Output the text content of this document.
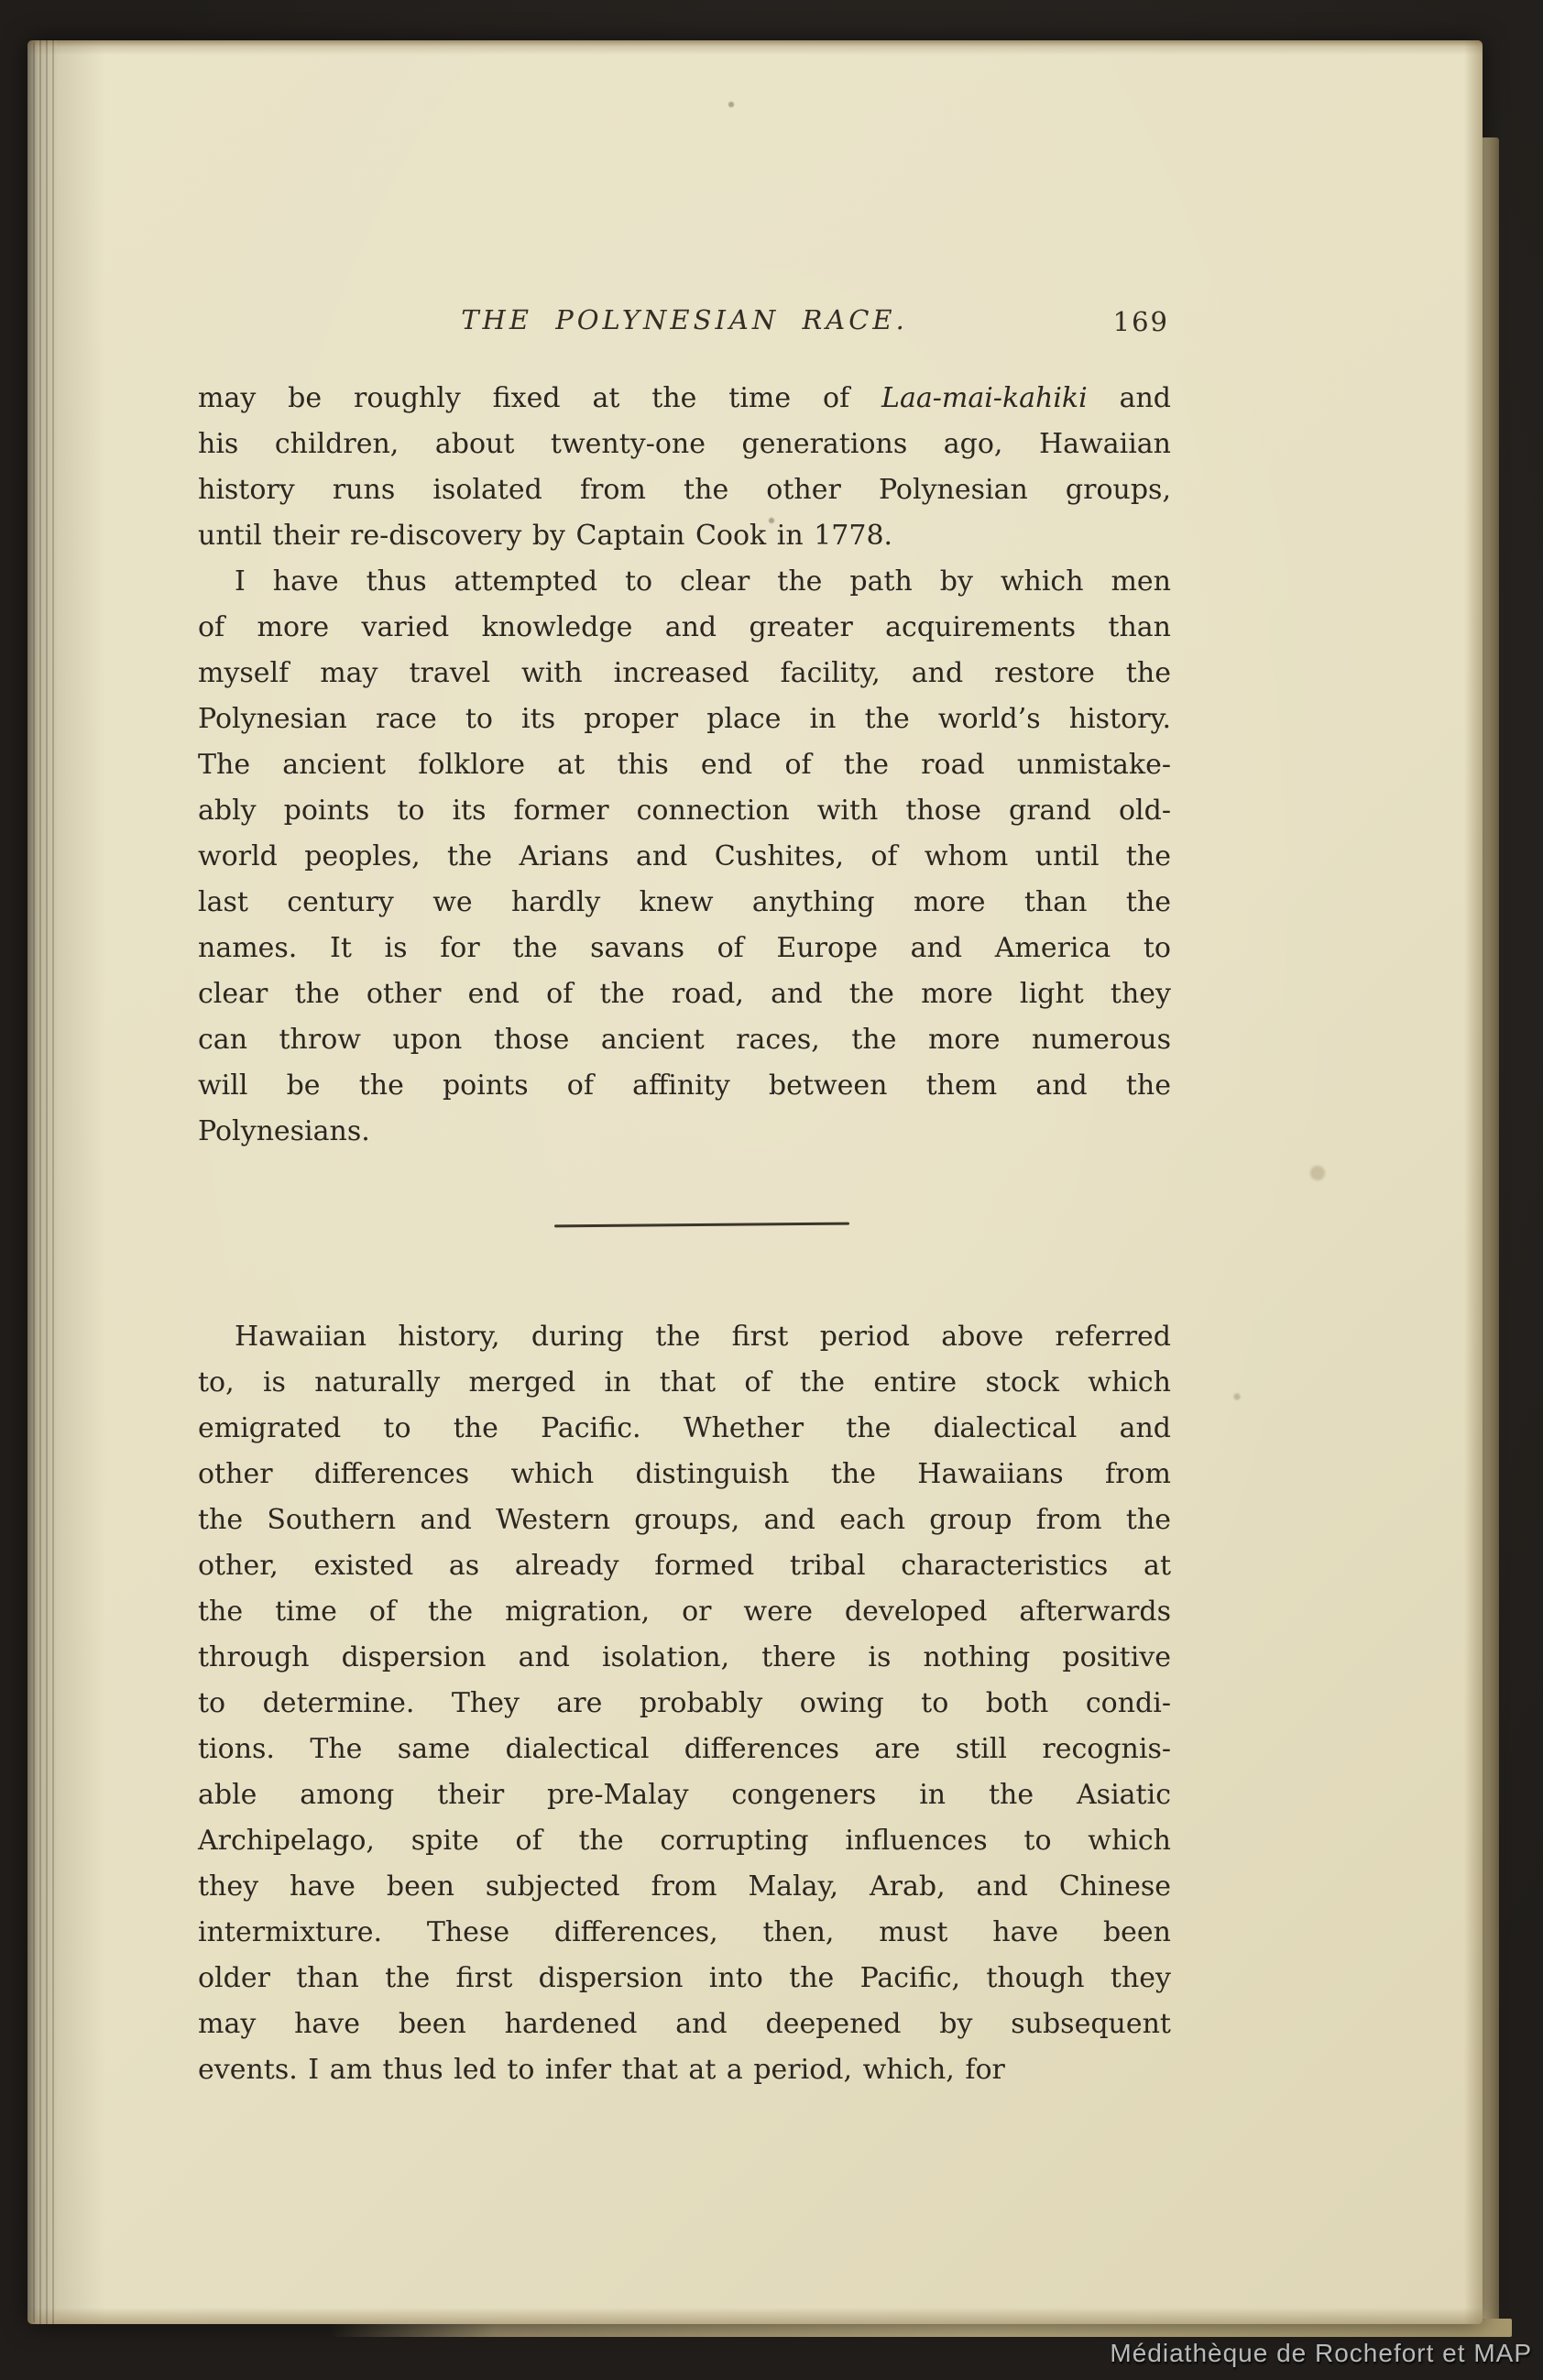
THE POLYNESIAN RACE.	169
may be roughly fixed at the time of Laa-mai-kahiki and
his children, about twenty-one generations ago, Hawaiian
history runs isolated from the other Polynesian groups,
until their re-discovery by Captain Cook in 1778.
I have thus attempted to clear the path by which men
of more varied knowledge and greater acquirements than
myself may travel with increased facility, and restore the
Polynesian race to its proper place in the world’s history.
The ancient folklore at this end of the road unmistake-
ably points to its former connection with those grand old-
world peoples, the Arians and Cushites, of whom until the
last century we hardly knew anything more than the
names. It is for the savans of Europe and America to
clear the other end of the road, and the more light they
can throw upon those ancient races, the more numerous
will be the points of affinity between them and the
Polynesians.
Hawaiian history, during the first period above referred
to, is naturally merged in that of the entire stock which
emigrated to the Pacific. Whether the dialectical and
other differences which distinguish the Hawaiians from
the Southern and Western groups, and each group from the
other, existed as already formed tribal characteristics at
the time of the migration, or were developed afterwards
through dispersion and isolation, there is nothing positive
to determine. They are probably owing to both condi-
tions. The same dialectical differences are still recognis-
able among their pre-Malay congeners in the Asiatic
Archipelago, spite of the corrupting influences to which
they have been subjected from Malay, Arab, and Chinese
intermixture. These differences, then, must have been
older than the first dispersion into the Pacific, though they
may have been hardened and deepened by subsequent
events. I am thus led to infer that at a period, which, for
Médiathèque de Rochefort et MAP
